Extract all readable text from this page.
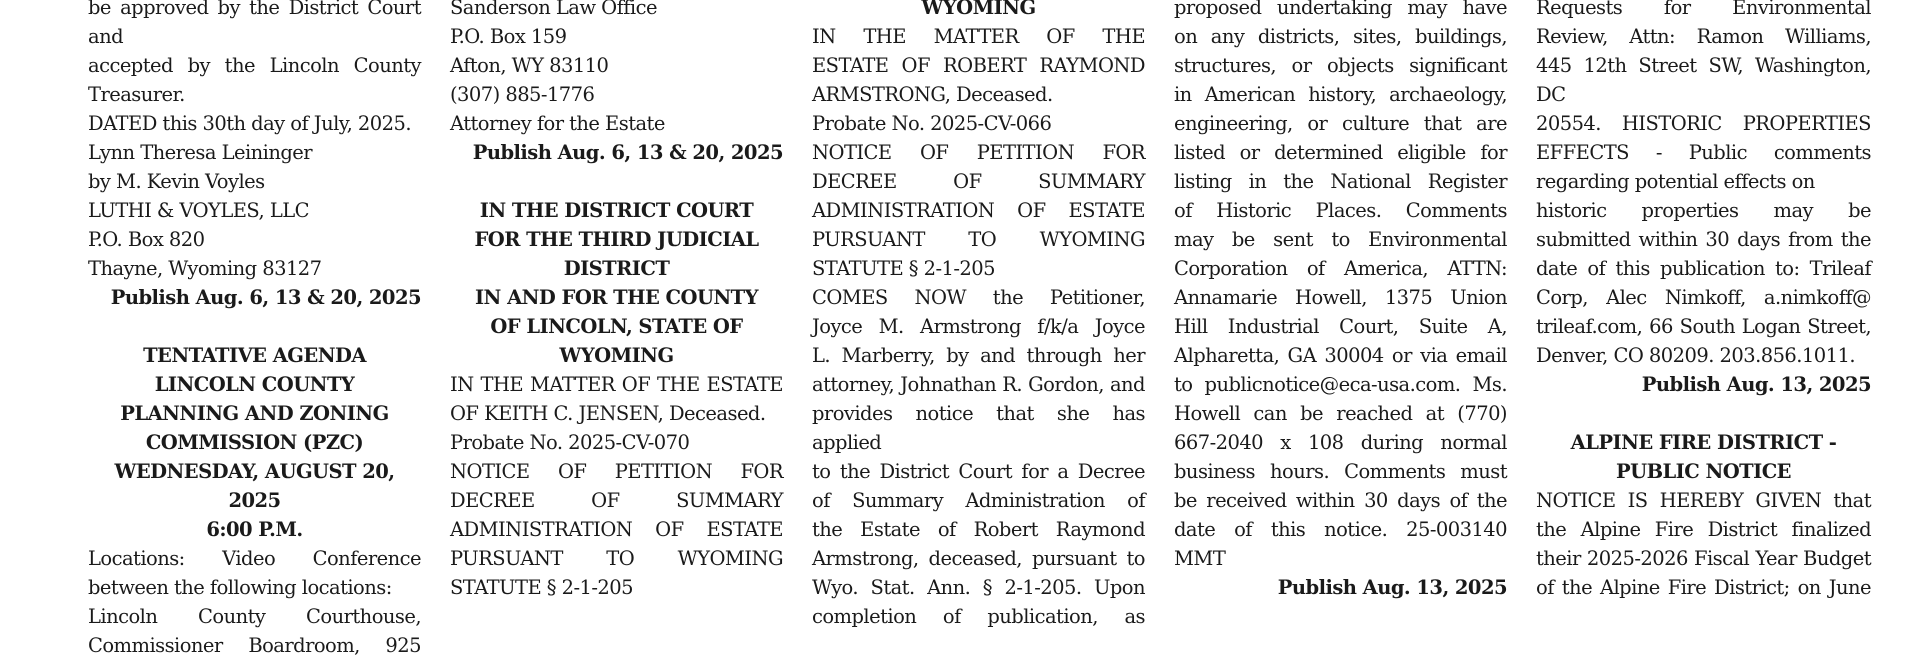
be approved by the District Court and
accepted by the Lincoln County
Treasurer.
DATED this 30th day of July, 2025.
Lynn Theresa Leininger
by M. Kevin Voyles
LUTHI & VOYLES, LLC
P.O. Box 820
Thayne, Wyoming 83127
Publish Aug. 6, 13 & 20, 2025
TENTATIVE AGENDA
LINCOLN COUNTY
PLANNING AND ZONING
COMMISSION (PZC)
WEDNESDAY, AUGUST 20,
2025
6:00 P.M.
Locations: Video Conference
between the following locations:
Lincoln County Courthouse,
Commissioner Boardroom, 925
Sanderson Law Office
P.O. Box 159
Afton, WY 83110
(307) 885-1776
Attorney for the Estate
Publish Aug. 6, 13 & 20, 2025
IN THE DISTRICT COURT
FOR THE THIRD JUDICIAL
DISTRICT
IN AND FOR THE COUNTY
OF LINCOLN, STATE OF
WYOMING
IN THE MATTER OF THE ESTATE
OF KEITH C. JENSEN, Deceased.
Probate No. 2025-CV-070
NOTICE OF PETITION FOR
DECREE OF SUMMARY
ADMINISTRATION OF ESTATE
PURSUANT TO WYOMING
STATUTE § 2-1-205
WYOMING
IN THE MATTER OF THE
ESTATE OF ROBERT RAYMOND
ARMSTRONG, Deceased.
Probate No. 2025-CV-066
NOTICE OF PETITION FOR
DECREE OF SUMMARY
ADMINISTRATION OF ESTATE
PURSUANT TO WYOMING
STATUTE § 2-1-205
COMES NOW the Petitioner,
Joyce M. Armstrong f/k/a Joyce
L. Marberry, by and through her
attorney, Johnathan R. Gordon, and
provides notice that she has applied
to the District Court for a Decree
of Summary Administration of
the Estate of Robert Raymond
Armstrong, deceased, pursuant to
Wyo. Stat. Ann. § 2-1-205. Upon
completion of publication, as
proposed undertaking may have
on any districts, sites, buildings,
structures, or objects significant
in American history, archaeology,
engineering, or culture that are
listed or determined eligible for
listing in the National Register
of Historic Places. Comments
may be sent to Environmental
Corporation of America, ATTN:
Annamarie Howell, 1375 Union
Hill Industrial Court, Suite A,
Alpharetta, GA 30004 or via email
to publicnotice@eca-usa.com. Ms.
Howell can be reached at (770)
667-2040 x 108 during normal
business hours. Comments must
be received within 30 days of the
date of this notice. 25-003140
MMT
Publish Aug. 13, 2025
Requests for Environmental
Review, Attn: Ramon Williams,
445 12th Street SW, Washington,
DC
20554. HISTORIC PROPERTIES
EFFECTS - Public comments
regarding potential effects on
historic properties may be
submitted within 30 days from the
date of this publication to: Trileaf
Corp, Alec Nimkoff, a.nimkoff@
trileaf.com, 66 South Logan Street,
Denver, CO 80209. 203.856.1011.
Publish Aug. 13, 2025
ALPINE FIRE DISTRICT -
PUBLIC NOTICE
NOTICE IS HEREBY GIVEN that
the Alpine Fire District finalized
their 2025-2026 Fiscal Year Budget
of the Alpine Fire District; on June
